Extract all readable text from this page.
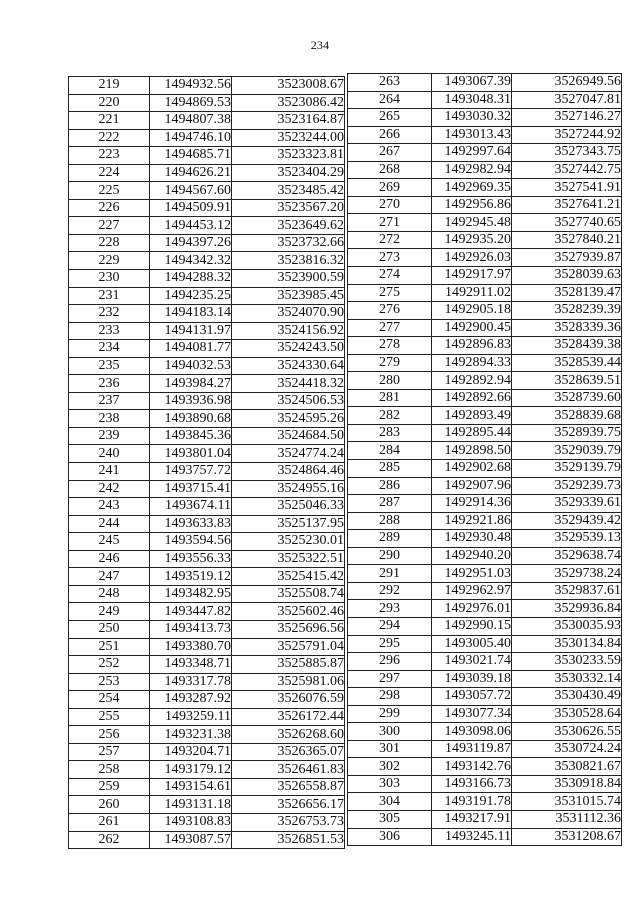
234
219	1494932.56	3523008.67
220	1494869.53	3523086.42
221	1494807.38	3523164.87
222	1494746.10	3523244.00
223	1494685.71	3523323.81
224	1494626.21	3523404.29
225	1494567.60	3523485.42
226	1494509.91	3523567.20
227	1494453.12	3523649.62
228	1494397.26	3523732.66
229	1494342.32	3523816.32
230	1494288.32	3523900.59
231	1494235.25	3523985.45
232	1494183.14	3524070.90
233	1494131.97	3524156.92
234	1494081.77	3524243.50
235	1494032.53	3524330.64
236	1493984.27	3524418.32
237	1493936.98	3524506.53
238	1493890.68	3524595.26
239	1493845.36	3524684.50
240	1493801.04	3524774.24
241	1493757.72	3524864.46
242	1493715.41	3524955.16
243	1493674.11	3525046.33
244	1493633.83	3525137.95
245	1493594.56	3525230.01
246	1493556.33	3525322.51
247	1493519.12	3525415.42
248	1493482.95	3525508.74
249	1493447.82	3525602.46
250	1493413.73	3525696.56
251	1493380.70	3525791.04
252	1493348.71	3525885.87
253	1493317.78	3525981.06
254	1493287.92	3526076.59
255	1493259.11	3526172.44
256	1493231.38	3526268.60
257	1493204.71	3526365.07
258	1493179.12	3526461.83
259	1493154.61	3526558.87
260	1493131.18	3526656.17
261	1493108.83	3526753.73
262	1493087.57	3526851.53
263	1493067.39	3526949.56
264	1493048.31	3527047.81
265	1493030.32	3527146.27
266	1493013.43	3527244.92
267	1492997.64	3527343.75
268	1492982.94	3527442.75
269	1492969.35	3527541.91
270	1492956.86	3527641.21
271	1492945.48	3527740.65
272	1492935.20	3527840.21
273	1492926.03	3527939.87
274	1492917.97	3528039.63
275	1492911.02	3528139.47
276	1492905.18	3528239.39
277	1492900.45	3528339.36
278	1492896.83	3528439.38
279	1492894.33	3528539.44
280	1492892.94	3528639.51
281	1492892.66	3528739.60
282	1492893.49	3528839.68
283	1492895.44	3528939.75
284	1492898.50	3529039.79
285	1492902.68	3529139.79
286	1492907.96	3529239.73
287	1492914.36	3529339.61
288	1492921.86	3529439.42
289	1492930.48	3529539.13
290	1492940.20	3529638.74
291	1492951.03	3529738.24
292	1492962.97	3529837.61
293	1492976.01	3529936.84
294	1492990.15	3530035.93
295	1493005.40	3530134.84
296	1493021.74	3530233.59
297	1493039.18	3530332.14
298	1493057.72	3530430.49
299	1493077.34	3530528.64
300	1493098.06	3530626.55
301	1493119.87	3530724.24
302	1493142.76	3530821.67
303	1493166.73	3530918.84
304	1493191.78	3531015.74
305	1493217.91	3531112.36
306	1493245.11	3531208.67
